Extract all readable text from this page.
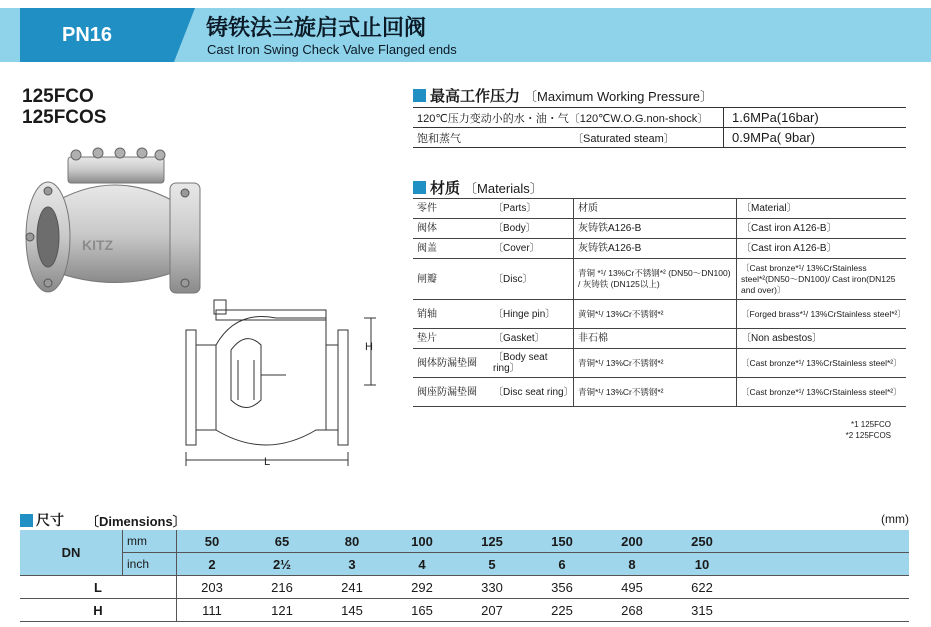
PN16	铸铁法兰旋启式止回阀
Cast Iron Swing Check Valve Flanged ends
125FCO
125FCOS
KITZ
H
L
最高工作压力 〔Maximum Working Pressure〕
120℃压力变动小的水・油・气〔120℃W.O.G.non-shock〕	1.6MPa(16bar)
饱和蒸气 〔Saturated steam〕	0.9MPa( 9bar)
材质 〔Materials〕
零件	〔Parts〕	材质	〔Material〕
阀体	〔Body〕	灰铸铁A126-B	〔Cast iron A126-B〕
阀盖	〔Cover〕	灰铸铁A126-B	〔Cast iron A126-B〕
闸瓣	〔Disc〕	青铜 *¹/ 13%Cr不锈钢*² (DN50～DN100) / 灰铸铁 (DN125以上)	〔Cast bronze*¹/ 13%CrStainless steel*²(DN50～DN100)/ Cast iron(DN125 and over)〕
销轴	〔Hinge pin〕	黄铜*¹/ 13%Cr不锈钢*²	〔Forged brass*¹/ 13%CrStainless steel*²〕
垫片	〔Gasket〕	非石棉	〔Non asbestos〕
阀体防漏垫圈	〔Body seat ring〕	青铜*¹/ 13%Cr不锈钢*²	〔Cast bronze*¹/ 13%CrStainless steel*²〕
阀座防漏垫圈	〔Disc seat ring〕	青铜*¹/ 13%Cr不锈钢*²	〔Cast bronze*¹/ 13%CrStainless steel*²〕
*1 125FCO
*2 125FCOS
尺寸 〔Dimensions〕	(mm)
DN	mm	50	65	80	100	125	150	200	250	
	inch	2	2½	3	4	5	6	8	10	
L		203	216	241	292	330	356	495	622	
H		111	121	145	165	207	225	268	315	
